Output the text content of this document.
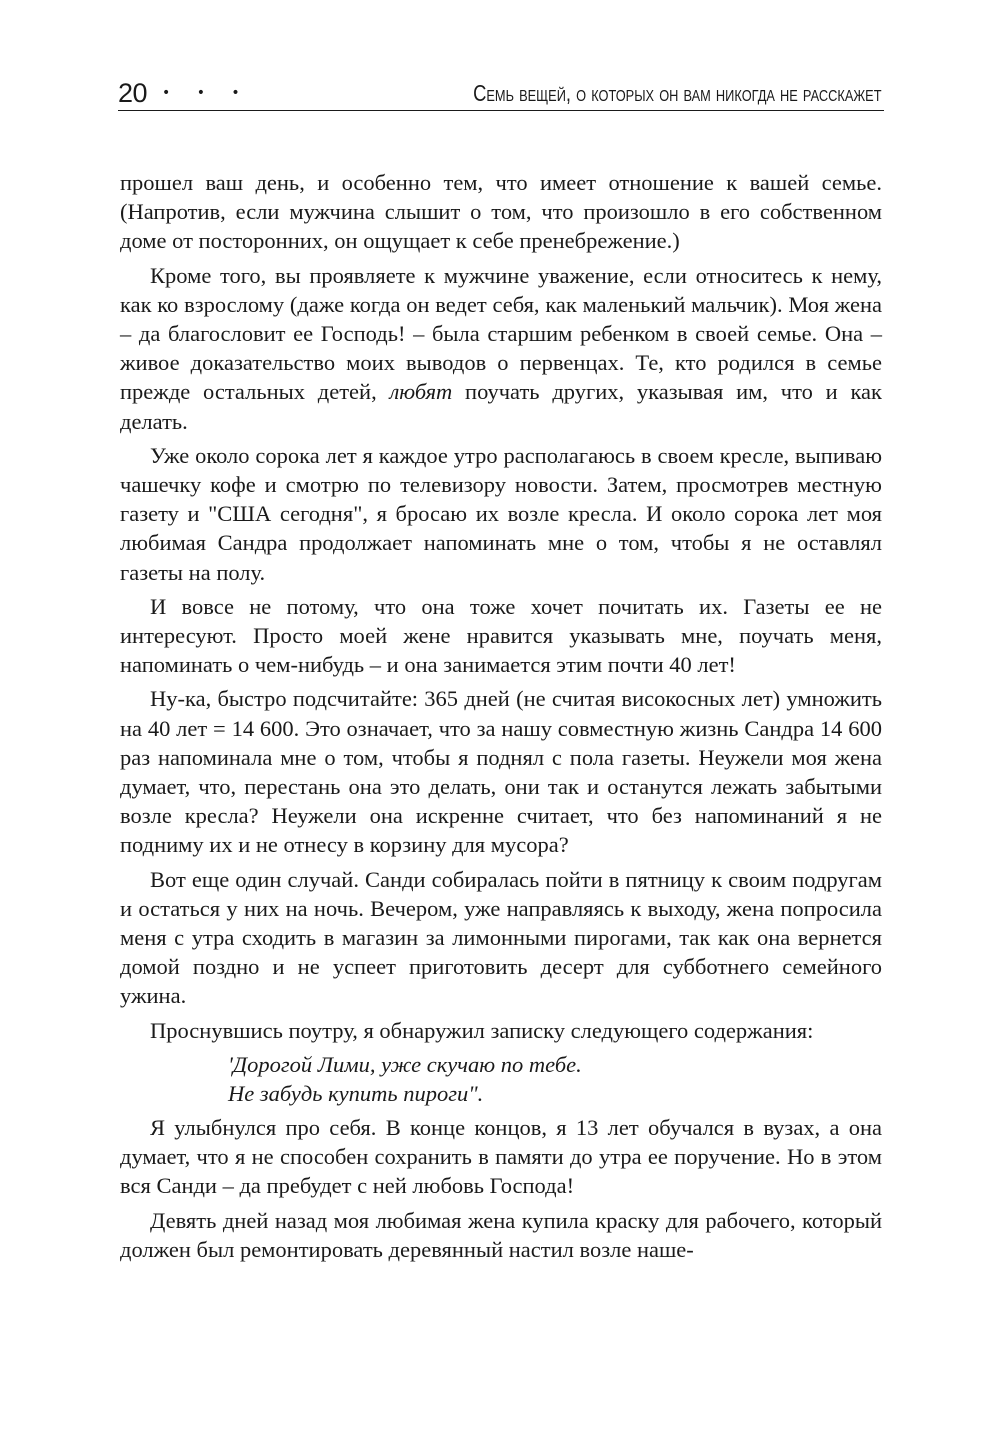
20 • • •	Семь вещей, о которых он вам никогда не расскажет

прошел ваш день, и особенно тем, что имеет отношение к вашей семье. (Напротив, если мужчина слышит о том, что произошло в его собственном доме от посторонних, он ощущает к себе пренебрежение.)

Кроме того, вы проявляете к мужчине уважение, если относитесь к нему, как ко взрослому (даже когда он ведет себя, как маленький мальчик). Моя жена – да благословит ее Господь! – была старшим ребенком в своей семье. Она – живое доказательство моих выводов о первенцах. Те, кто родился в семье прежде остальных детей, любят поучать других, указывая им, что и как делать.

Уже около сорока лет я каждое утро располагаюсь в своем кресле, выпиваю чашечку кофе и смотрю по телевизору новости. Затем, просмотрев местную газету и "США сегодня", я бросаю их возле кресла. И около сорока лет моя любимая Сандра продолжает напоминать мне о том, чтобы я не оставлял газеты на полу.

И вовсе не потому, что она тоже хочет почитать их. Газеты ее не интересуют. Просто моей жене нравится указывать мне, поучать меня, напоминать о чем-нибудь – и она занимается этим почти 40 лет!

Ну-ка, быстро подсчитайте: 365 дней (не считая високосных лет) умножить на 40 лет = 14 600. Это означает, что за нашу совместную жизнь Сандра 14 600 раз напоминала мне о том, чтобы я поднял с пола газеты. Неужели моя жена думает, что, перестань она это делать, они так и останутся лежать забытыми возле кресла? Неужели она искренне считает, что без напоминаний я не подниму их и не отнесу в корзину для мусора?

Вот еще один случай. Санди собиралась пойти в пятницу к своим подругам и остаться у них на ночь. Вечером, уже направляясь к выходу, жена попросила меня с утра сходить в магазин за лимонными пирогами, так как она вернется домой поздно и не успеет приготовить десерт для субботнего семейного ужина.

Проснувшись поутру, я обнаружил записку следующего содержания:

'Дорогой Лими, уже скучаю по тебе.

Не забудь купить пироги".

Я улыбнулся про себя. В конце концов, я 13 лет обучался в вузах, а она думает, что я не способен сохранить в памяти до утра ее поручение. Но в этом вся Санди – да пребудет с ней любовь Господа!

Девять дней назад моя любимая жена купила краску для рабочего, который должен был ремонтировать деревянный настил возле наше-
